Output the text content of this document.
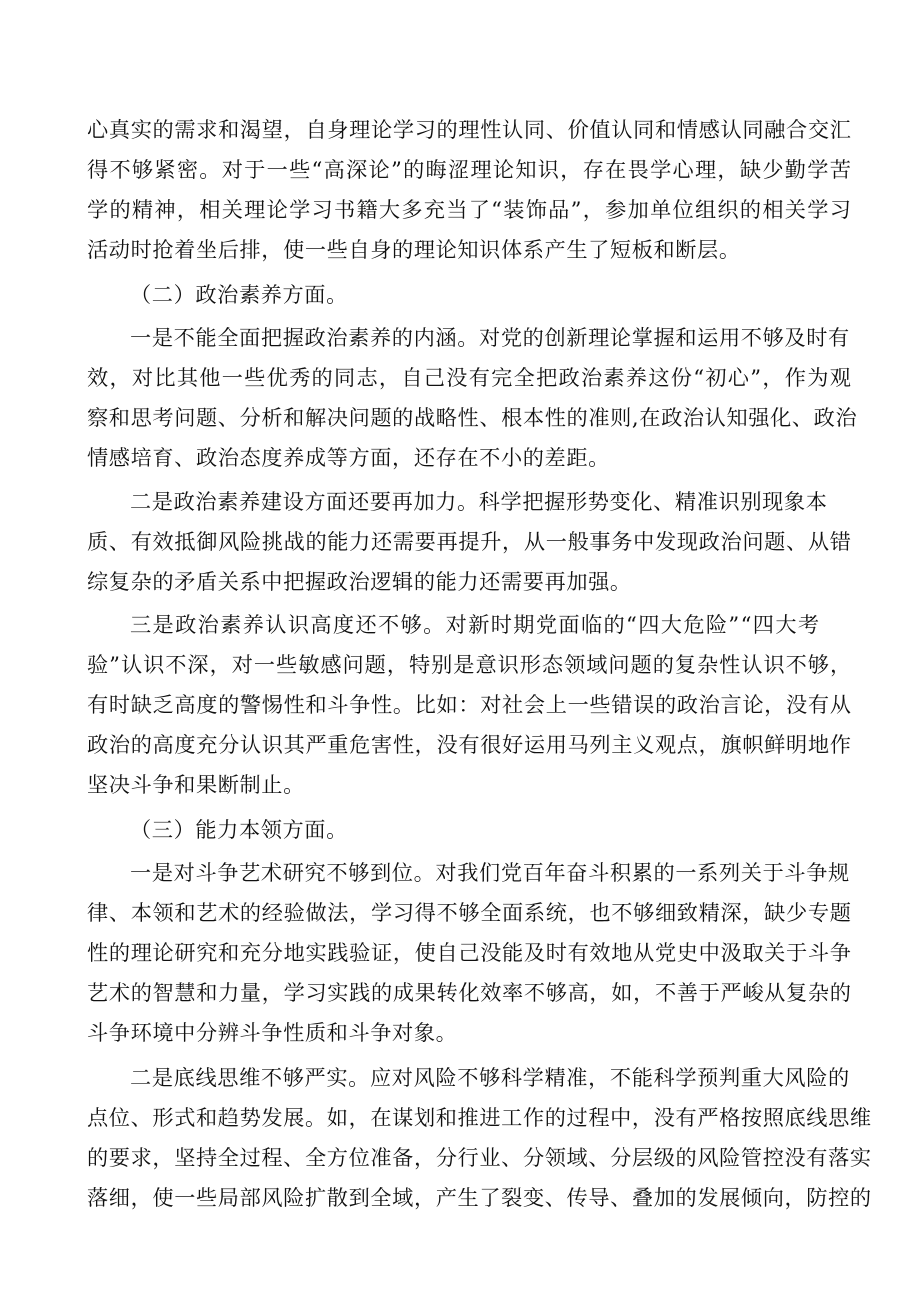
心 真 实 的 需 求 和 渴 望 ， 自 身 理 论 学 习 的 理 性 认 同 、 价 值 认 同 和 情 感 认 同 融 合 交 汇
得 不 够 紧 密 。 对 于 一 些 “ 高 深 论 ” 的 晦 涩 理 论 知 识 ， 存 在 畏 学 心 理 ， 缺 少 勤 学 苦
学 的 精 神 ， 相 关 理 论 学 习 书 籍 大 多 充 当 了 “ 装 饰 品 ” ， 参 加 单 位 组 织 的 相 关 学 习
活动时抢着坐后排，使一些自身的理论知识体系产生了短板和断层。
（二）政治素养方面。
一 是 不 能 全 面 把 握 政 治 素 养 的 内 涵 。 对 党 的 创 新 理 论 掌 握 和 运 用 不 够 及 时 有
效 ， 对 比 其 他 一 些 优 秀 的 同 志 ， 自 己 没 有 完 全 把 政 治 素 养 这 份 “ 初 心 ” ， 作 为 观
察 和 思 考 问 题 、 分 析 和 解 决 问 题 的 战 略 性 、 根 本 性 的 准 则 , 在 政 治 认 知 强 化 、 政 治
情感培育、政治态度养成等方面，还存在不小的差距。
二 是 政 治 素 养 建 设 方 面 还 要 再 加 力 。 科 学 把 握 形 势 变 化 、 精 准 识 别 现 象 本
质 、 有 效 抵 御 风 险 挑 战 的 能 力 还 需 要 再 提 升 ， 从 一 般 事 务 中 发 现 政 治 问 题 、 从 错
综复杂的矛盾关系中把握政治逻辑的能力还需要再加强。
三 是 政 治 素 养 认 识 高 度 还 不 够 。 对 新 时 期 党 面 临 的 “ 四 大 危 险 ” “ 四 大 考
验 ” 认 识 不 深 ， 对 一 些 敏 感 问 题 ， 特 别 是 意 识 形 态 领 域 问 题 的 复 杂 性 认 识 不 够 ，
有 时 缺 乏 高 度 的 警 惕 性 和 斗 争 性 。 比 如 ： 对 社 会 上 一 些 错 误 的 政 治 言 论 ， 没 有 从
政 治 的 高 度 充 分 认 识 其 严 重 危 害 性 ， 没 有 很 好 运 用 马 列 主 义 观 点 ， 旗 帜 鲜 明 地 作
坚决斗争和果断制止。
（三）能力本领方面。
一 是 对 斗 争 艺 术 研 究 不 够 到 位 。 对 我 们 党 百 年 奋 斗 积 累 的 一 系 列 关 于 斗 争 规
律 、 本 领 和 艺 术 的 经 验 做 法 ， 学 习 得 不 够 全 面 系 统 ， 也 不 够 细 致 精 深 ， 缺 少 专 题
性 的 理 论 研 究 和 充 分 地 实 践 验 证 ， 使 自 己 没 能 及 时 有 效 地 从 党 史 中 汲 取 关 于 斗 争
艺 术 的 智 慧 和 力 量 ， 学 习 实 践 的 成 果 转 化 效 率 不 够 高 ， 如 ， 不 善 于 严 峻 从 复 杂 的
斗争环境中分辨斗争性质和斗争对象。
二 是 底 线 思 维 不 够 严 实 。 应 对 风 险 不 够 科 学 精 准 ， 不 能 科 学 预 判 重 大 风 险 的
点 位 、 形 式 和 趋 势 发 展 。 如 ， 在 谋 划 和 推 进 工 作 的 过 程 中 ， 没 有 严 格 按 照 底 线 思 维
的 要 求 ， 坚 持 全 过 程 、 全 方 位 准 备 ， 分 行 业 、 分 领 域 、 分 层 级 的 风 险 管 控 没 有 落 实
落 细 ， 使 一 些 局 部 风 险 扩 散 到 全 域 ， 产 生 了 裂 变 、 传 导 、 叠 加 的 发 展 倾 向 ， 防 控 的
